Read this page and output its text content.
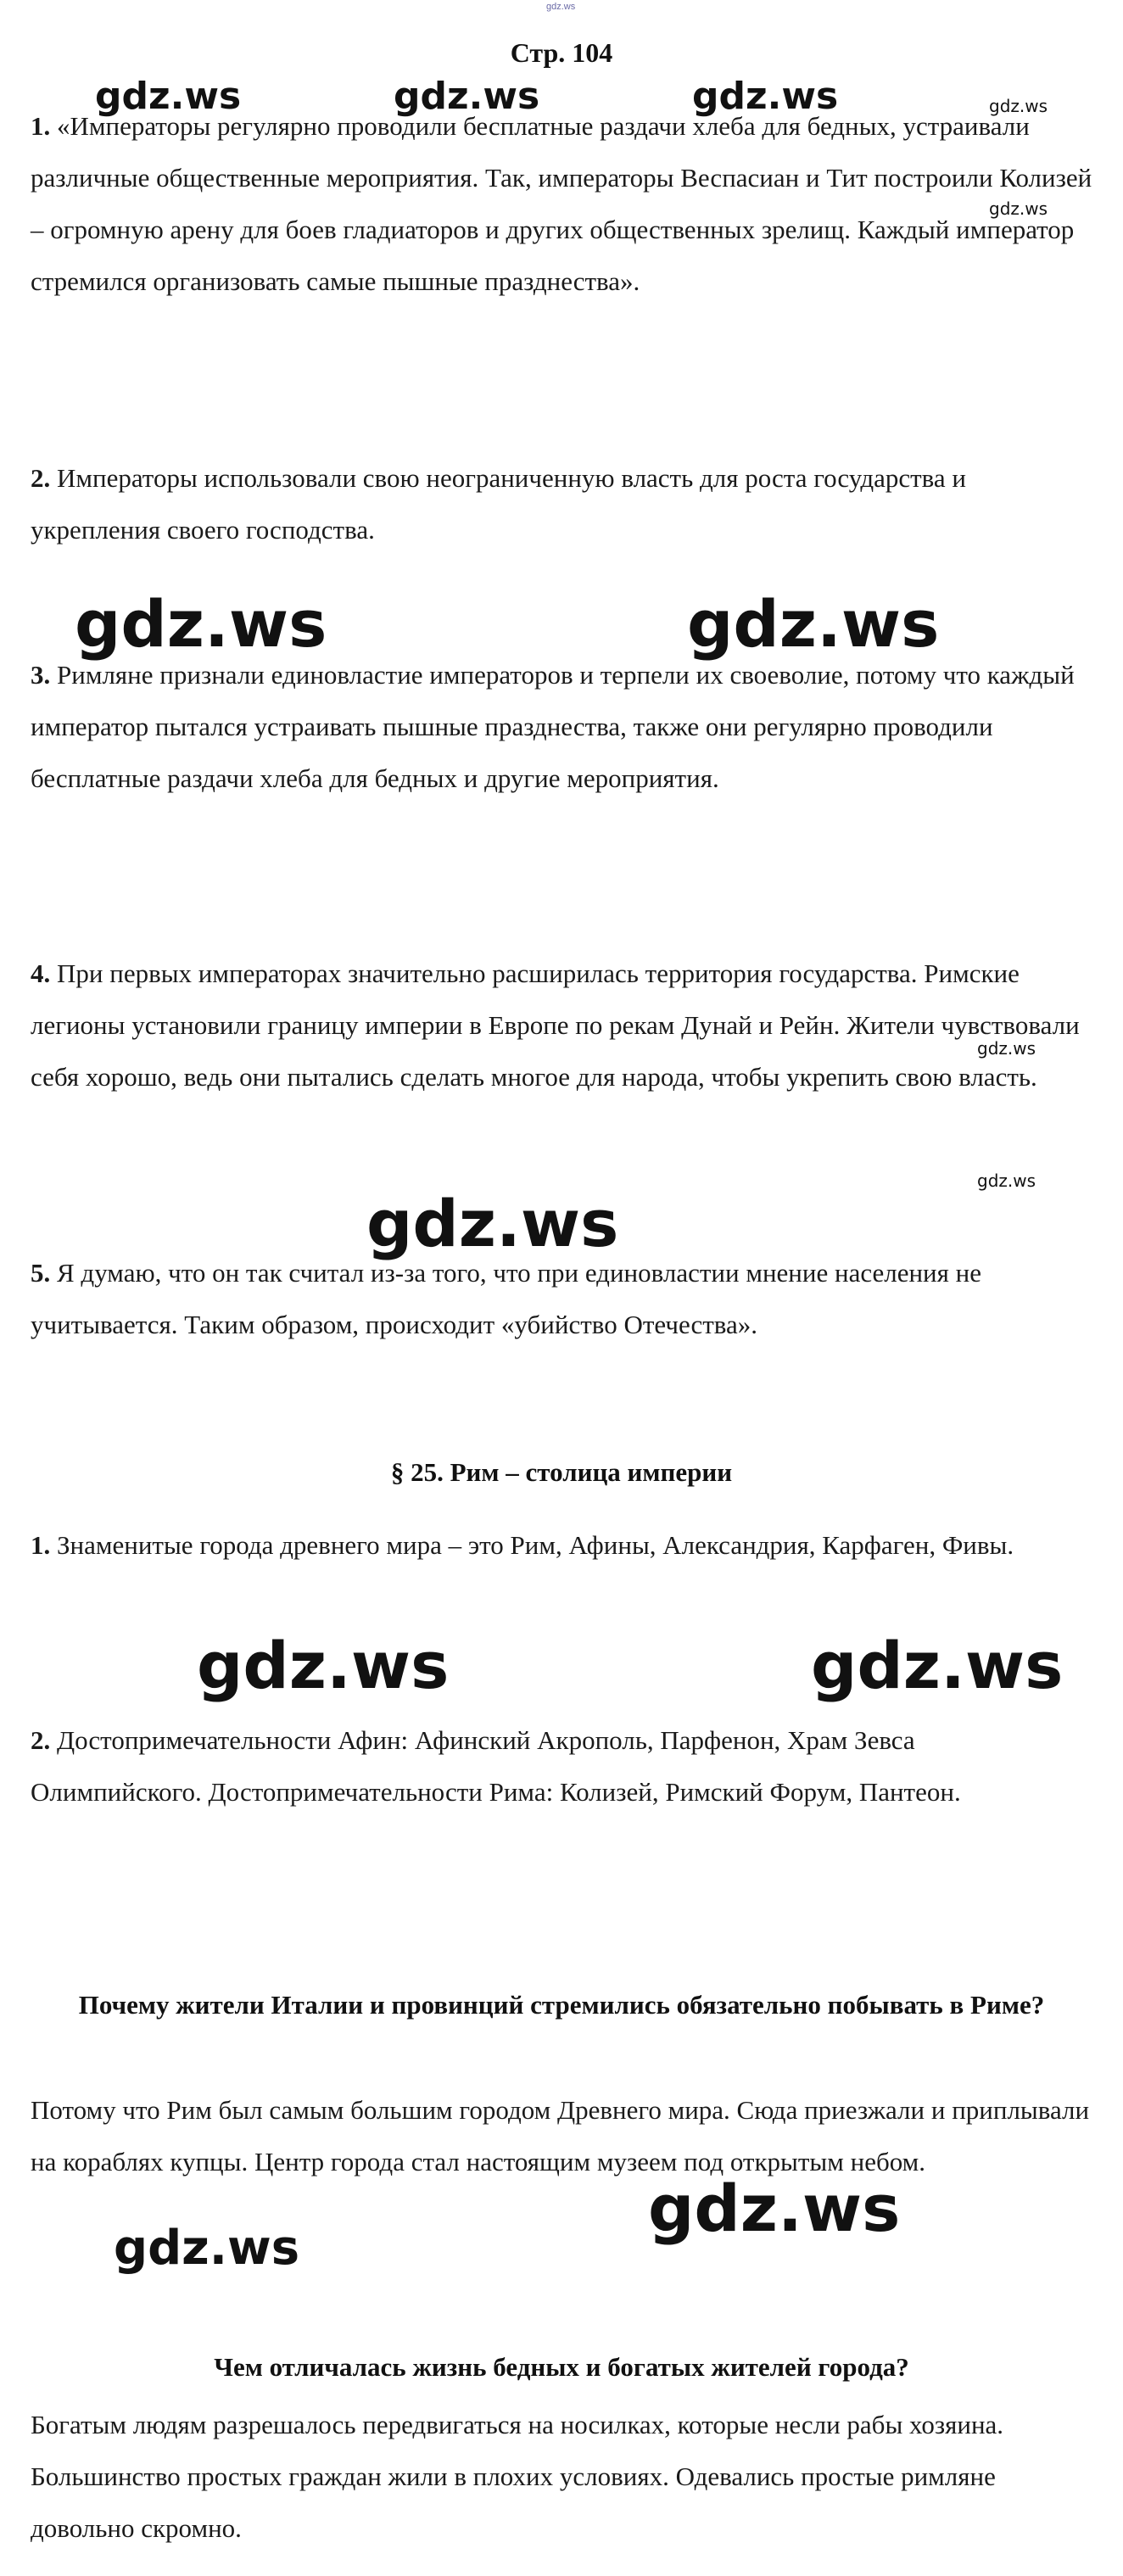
gdz.ws
Стр. 104
1. «Императоры регулярно проводили бесплатные раздачи хлеба для бедных, устраивали различные общественные мероприятия. Так, императоры Веспасиан и Тит построили Колизей – огромную арену для боев гладиаторов и других общественных зрелищ. Каждый император стремился организовать самые пышные празднества».
2. Императоры использовали свою неограниченную власть для роста государства и укрепления своего господства.
3. Римляне признали единовластие императоров и терпели их своеволие, потому что каждый император пытался устраивать пышные празднества, также они регулярно проводили бесплатные раздачи хлеба для бедных и другие мероприятия.
4. При первых императорах значительно расширилась территория государства. Римские легионы установили границу империи в Европе по рекам Дунай и Рейн. Жители чувствовали себя хорошо, ведь они пытались сделать многое для народа, чтобы укрепить свою власть.
5. Я думаю, что он так считал из-за того, что при единовластии мнение населения не учитывается. Таким образом, происходит «убийство Отечества».
§ 25. Рим – столица империи
1. Знаменитые города древнего мира – это Рим, Афины, Александрия, Карфаген, Фивы.
2. Достопримечательности Афин: Афинский Акрополь, Парфенон, Храм Зевса Олимпийского. Достопримечательности Рима: Колизей, Римский Форум, Пантеон.
Почему жители Италии и провинций стремились обязательно побывать в Риме?
Потому что Рим был самым большим городом Древнего мира. Сюда приезжали и приплывали на кораблях купцы. Центр города стал настоящим музеем под открытым небом.
Чем отличалась жизнь бедных и богатых жителей города?
Богатым людям разрешалось передвигаться на носилках, которые несли рабы хозяина. Большинство простых граждан жили в плохих условиях. Одевались простые римляне довольно скромно.
gdz.ws	gdz.ws	gdz.ws	gdz.ws
gdz.ws
gdz.ws	gdz.ws
gdz.ws
gdz.ws
gdz.ws
gdz.ws	gdz.ws
gdz.ws
gdz.ws
